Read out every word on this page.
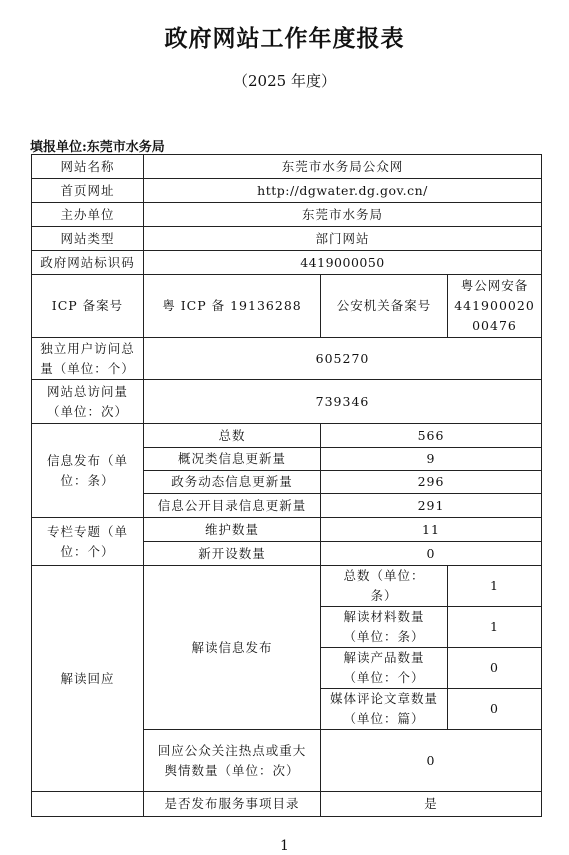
政府网站工作年度报表
（2025 年度）
填报单位:东莞市水务局
网站名称	东莞市水务局公众网		
首页网址	http://dgwater.dg.gov.cn/		
主办单位	东莞市水务局		
网站类型	部门网站		
政府网站标识码	4419000050		
ICP 备案号	粤 ICP 备 19136288	公安机关备案号	粤公网安备 44190002000476
独立用户访问总量（单位：个）	605270		
网站总访问量（单位：次）	739346		
信息发布（单位：条）	总数	566	
	概况类信息更新量	9	
	政务动态信息更新量	296	
	信息公开目录信息更新量	291	
专栏专题（单位：个）	维护数量	11	
	新开设数量	0	
解读回应	解读信息发布	总数（单位：条）	1
		解读材料数量（单位：条）	1
		解读产品数量（单位：个）	0
		媒体评论文章数量（单位：篇）	0
	回应公众关注热点或重大舆情数量（单位：次）	0	
	是否发布服务事项目录	是	
1
